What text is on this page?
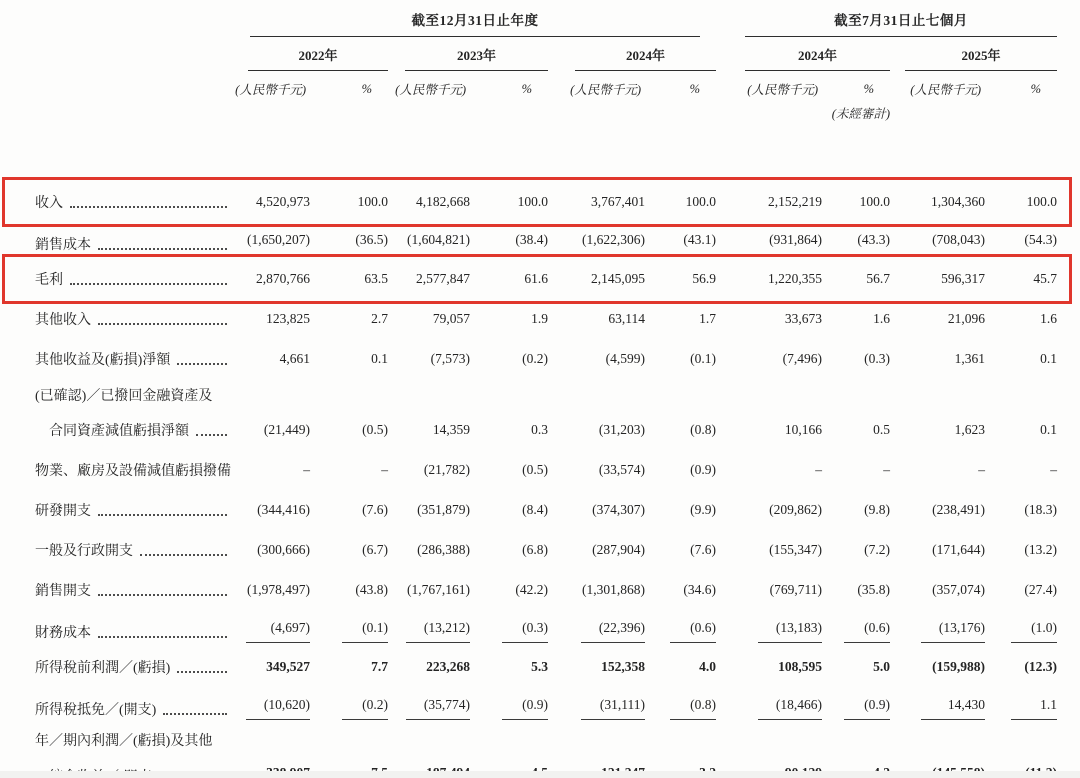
	截至12月31日止年度						截至7月31日止七個月			

	2022年		2023年		2024年		2024年		2025年	

	(人民幣千元)	%	(人民幣千元)	%	(人民幣千元)	%	(人民幣千元)	%	(人民幣千元)	%
							(未經審計)			

收入	4,520,973	100.0	4,182,668	100.0	3,767,401	100.0	2,152,219	100.0	1,304,360	100.0

銷售成本	(1,650,207)	(36.5)	(1,604,821)	(38.4)	(1,622,306)	(43.1)	(931,864)	(43.3)	(708,043)	(54.3)

毛利	2,870,766	63.5	2,577,847	61.6	2,145,095	56.9	1,220,355	56.7	596,317	45.7

其他收入	123,825	2.7	79,057	1.9	63,114	1.7	33,673	1.6	21,096	1.6

其他收益及(虧損)淨額	4,661	0.1	(7,573)	(0.2)	(4,599)	(0.1)	(7,496)	(0.3)	1,361	0.1

(已確認)／已撥回金融資產及										

合同資產減值虧損淨額	(21,449)	(0.5)	14,359	0.3	(31,203)	(0.8)	10,166	0.5	1,623	0.1

物業、廠房及設備減值虧損撥備	–	–	(21,782)	(0.5)	(33,574)	(0.9)	–	–	–	–

研發開支	(344,416)	(7.6)	(351,879)	(8.4)	(374,307)	(9.9)	(209,862)	(9.8)	(238,491)	(18.3)

一般及行政開支	(300,666)	(6.7)	(286,388)	(6.8)	(287,904)	(7.6)	(155,347)	(7.2)	(171,644)	(13.2)

銷售開支	(1,978,497)	(43.8)	(1,767,161)	(42.2)	(1,301,868)	(34.6)	(769,711)	(35.8)	(357,074)	(27.4)

財務成本	(4,697)	(0.1)	(13,212)	(0.3)	(22,396)	(0.6)	(13,183)	(0.6)	(13,176)	(1.0)

所得稅前利潤／(虧損)	349,527	7.7	223,268	5.3	152,358	4.0	108,595	5.0	(159,988)	(12.3)

所得稅抵免／(開支)	(10,620)	(0.2)	(35,774)	(0.9)	(31,111)	(0.8)	(18,466)	(0.9)	14,430	1.1

年／期內利潤／(虧損)及其他										
